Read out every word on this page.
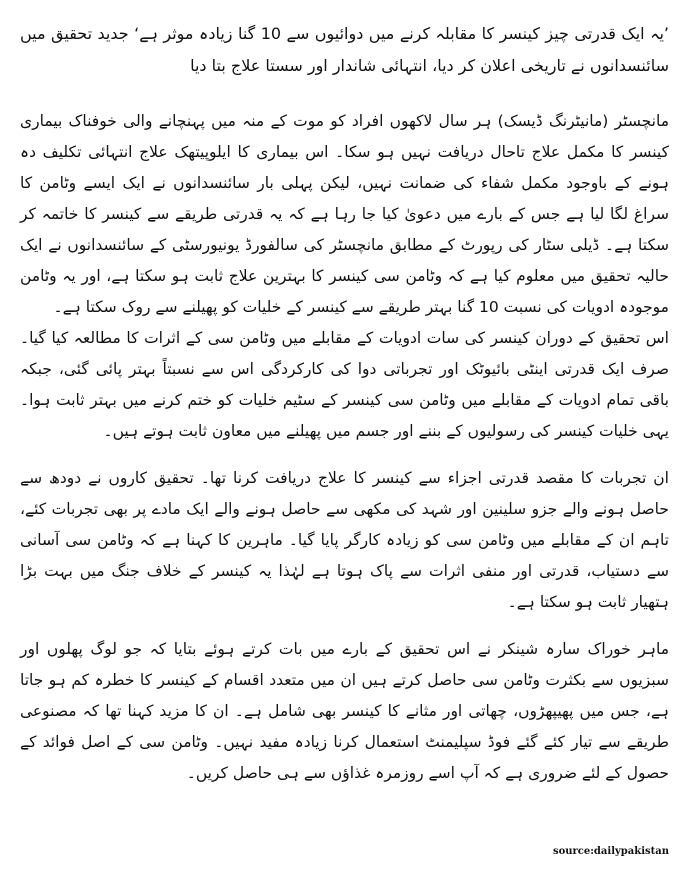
’یہ ایک قدرتی چیز کینسر کا مقابلہ کرنے میں دوائیوں سے 10 گنا زیادہ موثر ہے‘ جدید تحقیق میں سائنسدانوں نے تاریخی اعلان کر دیا، انتہائی شاندار اور سستا علاج بتا دیا

مانچسٹر (مانیٹرنگ ڈیسک) ہر سال لاکھوں افراد کو موت کے منہ میں پہنچانے والی خوفناک بیماری کینسر کا مکمل علاج تاحال دریافت نہیں ہو سکا۔ اس بیماری کا ایلوپیتھک علاج انتہائی تکلیف دہ ہونے کے باوجود مکمل شفاء کی ضمانت نہیں، لیکن پہلی بار سائنسدانوں نے ایک ایسے وٹامن کا سراغ لگا لیا ہے جس کے بارے میں دعویٰ کیا جا رہا ہے کہ یہ قدرتی طریقے سے کینسر کا خاتمہ کر سکتا ہے۔ ڈیلی سٹار کی رپورٹ کے مطابق مانچسٹر کی سالفورڈ یونیورسٹی کے سائنسدانوں نے ایک حالیہ تحقیق میں معلوم کیا ہے کہ وٹامن سی کینسر کا بہترین علاج ثابت ہو سکتا ہے، اور یہ وٹامن موجودہ ادویات کی نسبت 10 گنا بہتر طریقے سے کینسر کے خلیات کو پھیلنے سے روک سکتا ہے۔

اس تحقیق کے دوران کینسر کی سات ادویات کے مقابلے میں وٹامن سی کے اثرات کا مطالعہ کیا گیا۔ صرف ایک قدرتی اینٹی بائیوٹک اور تجرباتی دوا کی کارکردگی اس سے نسبتاً بہتر پائی گئی، جبکہ باقی تمام ادویات کے مقابلے میں وٹامن سی کینسر کے سٹیم خلیات کو ختم کرنے میں بہتر ثابت ہوا۔ یہی خلیات کینسر کی رسولیوں کے بننے اور جسم میں پھیلنے میں معاون ثابت ہوتے ہیں۔

ان تجربات کا مقصد قدرتی اجزاء سے کینسر کا علاج دریافت کرنا تھا۔ تحقیق کاروں نے دودھ سے حاصل ہونے والے جزو سلینین اور شہد کی مکھی سے حاصل ہونے والے ایک مادے پر بھی تجربات کئے، تاہم ان کے مقابلے میں وٹامن سی کو زیادہ کارگر پایا گیا۔ ماہرین کا کہنا ہے کہ وٹامن سی آسانی سے دستیاب، قدرتی اور منفی اثرات سے پاک ہوتا ہے لہٰذا یہ کینسر کے خلاف جنگ میں بہت بڑا ہتھیار ثابت ہو سکتا ہے۔

ماہر خوراک سارہ شینکر نے اس تحقیق کے بارے میں بات کرتے ہوئے بتایا کہ جو لوگ پھلوں اور سبزیوں سے بکثرت وٹامن سی حاصل کرتے ہیں ان میں متعدد اقسام کے کینسر کا خطرہ کم ہو جاتا ہے، جس میں پھیپھڑوں، چھاتی اور مثانے کا کینسر بھی شامل ہے۔ ان کا مزید کہنا تھا کہ مصنوعی طریقے سے تیار کئے گئے فوڈ سپلیمنٹ استعمال کرنا زیادہ مفید نہیں۔ وٹامن سی کے اصل فوائد کے حصول کے لئے ضروری ہے کہ آپ اسے روزمرہ غذاؤں سے ہی حاصل کریں۔

source:dailypakistan
